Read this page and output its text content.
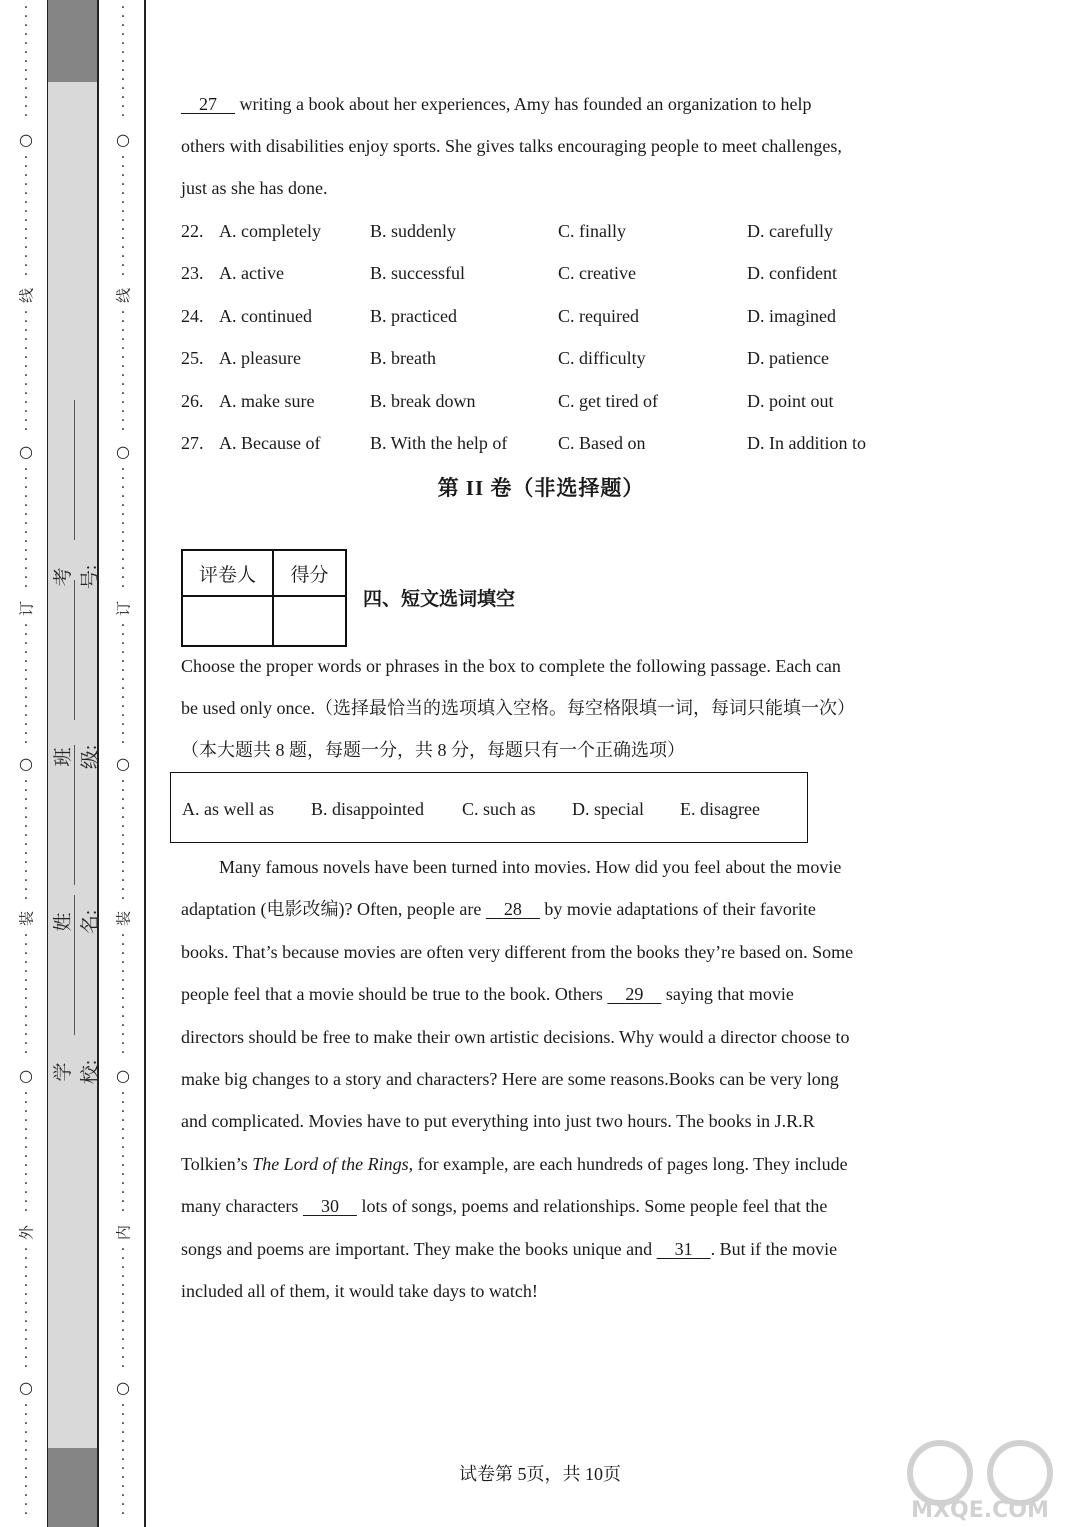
·
·
·
·
·
·
·
·
·
·
·
·
·
○
·
·
·
·
·
·
·
·
·
·
·
·
·
·
线
·
·
·
·
·
·
·
·
·
·
·
·
·
·
○
·
·
·
·
·
·
·
·
·
·
·
·
·
·
订
·
·
·
·
·
·
·
·
·
·
·
·
·
·
○
·
·
·
·
·
·
·
·
·
·
·
·
·
·
装
·
·
·
·
·
·
·
·
·
·
·
·
·
·
○
·
·
·
·
·
·
·
·
·
·
·
·
·
·
外
·
·
·
·
·
·
·
·
·
·
·
·
·
·
○
·
·
·
·
·
·
·
·
·
·
·
·
·
·
·
·
·
·
·
·
·
·
·
·
·
·
○
·
·
·
·
·
·
·
·
·
·
·
·
·
·
线
·
·
·
·
·
·
·
·
·
·
·
·
·
·
○
·
·
·
·
·
·
·
·
·
·
·
·
·
·
订
·
·
·
·
·
·
·
·
·
·
·
·
·
·
○
·
·
·
·
·
·
·
·
·
·
·
·
·
·
装
·
·
·
·
·
·
·
·
·
·
·
·
·
·
○
·
·
·
·
·
·
·
·
·
·
·
·
·
·
内
·
·
·
·
·
·
·
·
·
·
·
·
·
·
○
·
·
·
·
·
·
·
·
·
·
·
·
·
考号:
班级:
姓名:
学校:
27     writing a book about her experiences, Amy has founded an organization to help
others with disabilities enjoy sports. She gives talks encouraging people to meet challenges,
just as she has done.
22. A. completely	B. suddenly	C. finally	D. carefully
23. A. active	B. successful	C. creative	D. confident
24. A. continued	B. practiced	C. required	D. imagined
25. A. pleasure	B. breath	C. difficulty	D. patience
26. A. make sure	B. break down	C. get tired of	D. point out
27. A. Because of	B. With the help of	C. Based on	D. In addition to
第 II 卷（非选择题）
评卷人	得分

四、短文选词填空
Choose the proper words or phrases in the box to complete the following passage. Each can
be used only once.（选择最恰当的选项填入空格。每空格限填一词，每词只能填一次）
（本大题共 8 题，每题一分，共 8 分，每题只有一个正确选项）
A. as well as B. disappointed C. such as D. special E. disagree
Many famous novels have been turned into movies. How did you feel about the movie
adaptation (电影改编)? Often, people are     28     by movie adaptations of their favorite
books. That’s because movies are often very different from the books they’re based on. Some
people feel that a movie should be true to the book. Others     29     saying that movie
directors should be free to make their own artistic decisions. Why would a director choose to
make big changes to a story and characters? Here are some reasons.Books can be very long
and complicated. Movies have to put everything into just two hours. The books in J.R.R
Tolkien’s The Lord of the Rings, for example, are each hundreds of pages long. They include
many characters     30     lots of songs, poems and relationships. Some people feel that the
songs and poems are important. They make the books unique and     31 . But if the movie
included all of them, it would take days to watch!
试卷第 5页，共 10页
MXQE.COM
